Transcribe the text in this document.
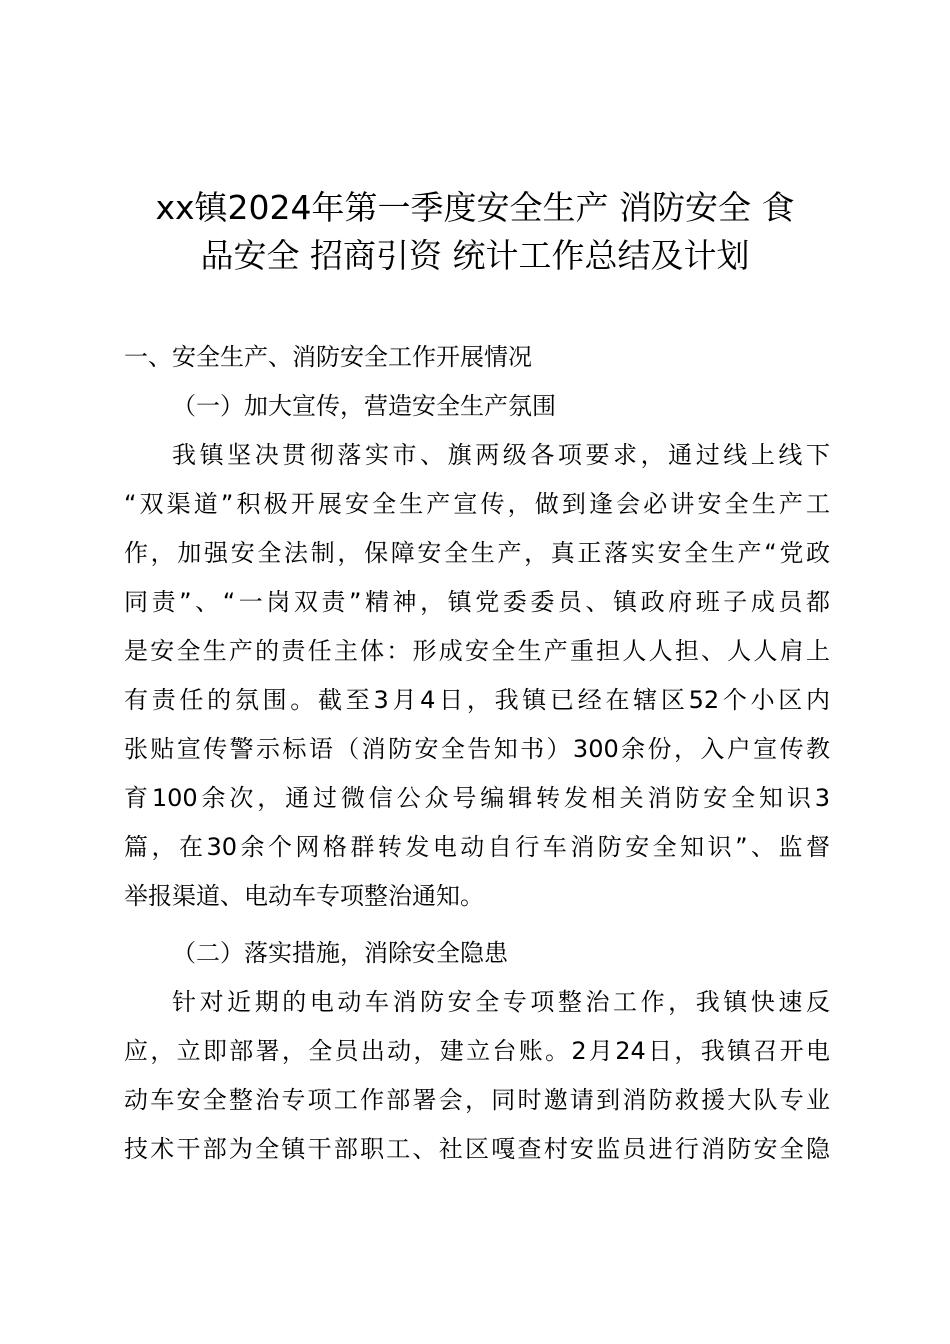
xx镇2024年第一季度安全生产 消防安全 食
品安全 招商引资 统计工作总结及计划

一、安全生产、消防安全工作开展情况

（一）加大宣传，营造安全生产氛围

我镇坚决贯彻落实市、旗两级各项要求，通过线上线下

“双渠道”积极开展安全生产宣传，做到逢会必讲安全生产工

作，加强安全法制，保障安全生产，真正落实安全生产“党政

同责”、“一岗双责”精神，镇党委委员、镇政府班子成员都

是安全生产的责任主体：形成安全生产重担人人担、人人肩上

有责任的氛围。截至3月4日，我镇已经在辖区52个小区内

张贴宣传警示标语（消防安全告知书）300余份，入户宣传教

育100余次，通过微信公众号编辑转发相关消防安全知识3

篇，在30余个网格群转发电动自行车消防安全知识”、监督

举报渠道、电动车专项整治通知。

（二）落实措施，消除安全隐患

针对近期的电动车消防安全专项整治工作，我镇快速反

应，立即部署，全员出动，建立台账。2月24日，我镇召开电

动车安全整治专项工作部署会，同时邀请到消防救援大队专业

技术干部为全镇干部职工、社区嘎查村安监员进行消防安全隐
